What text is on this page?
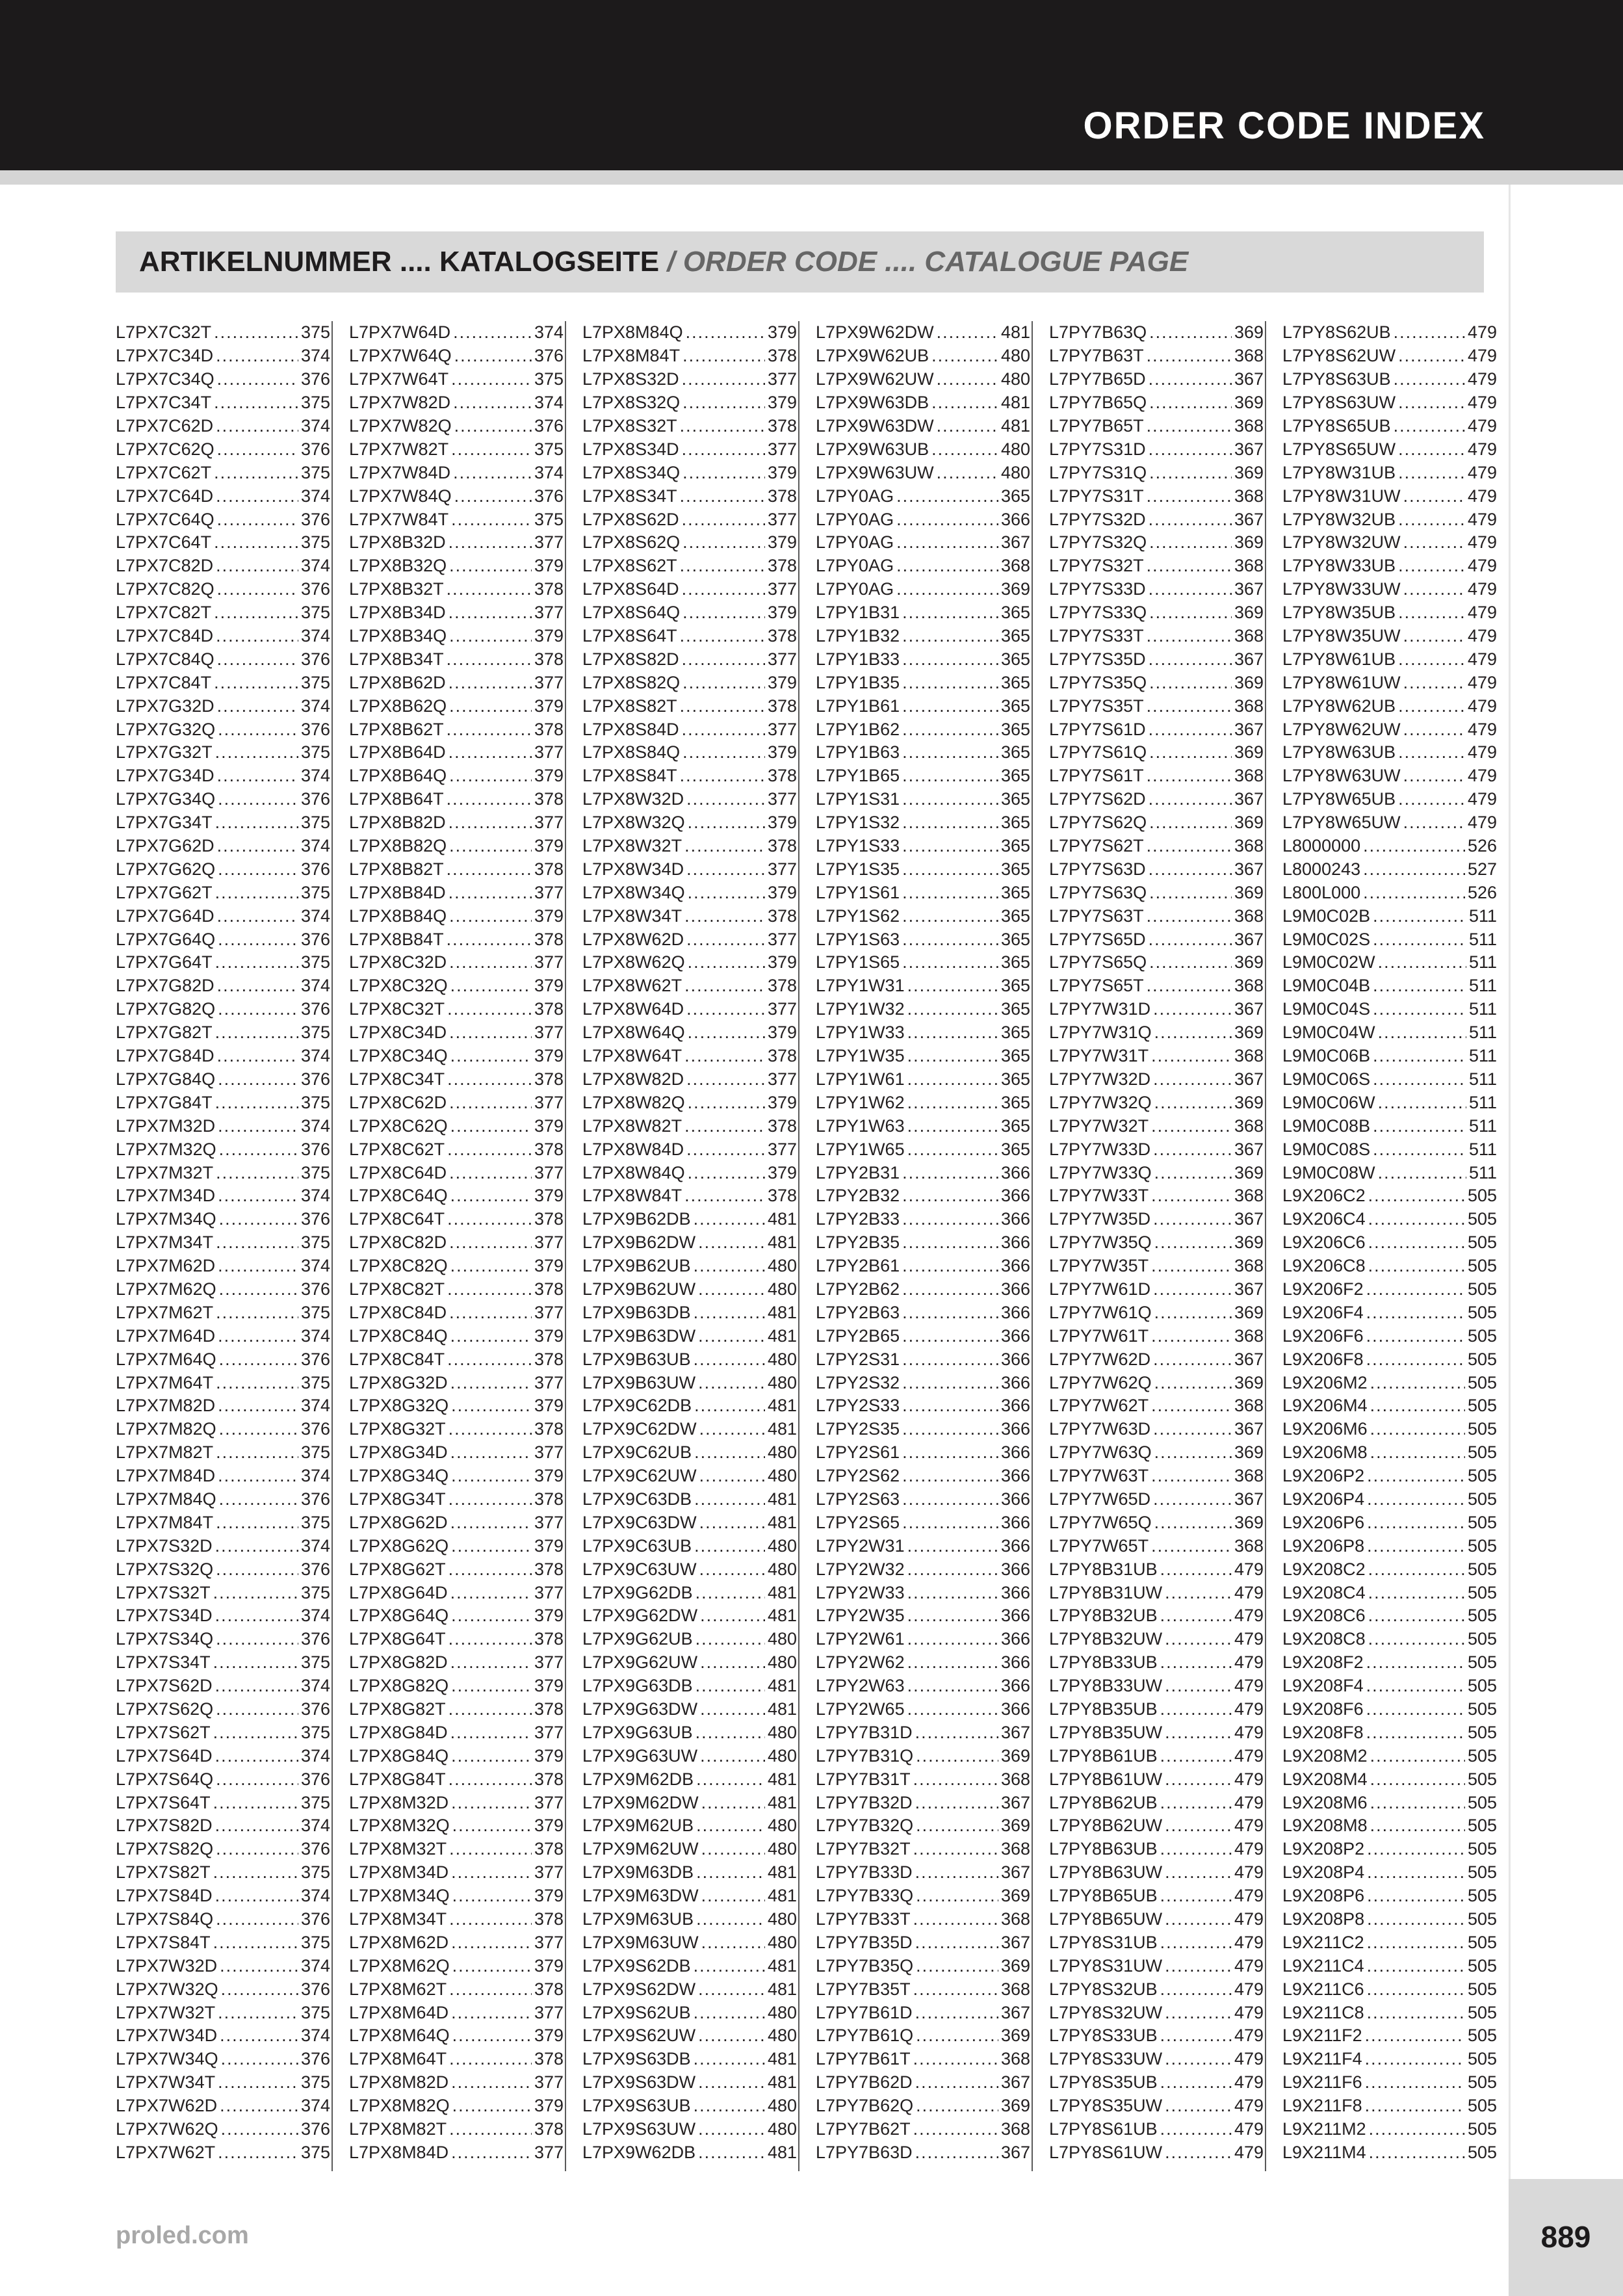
ORDER CODE INDEX
ARTIKELNUMMER .... KATALOGSEITE / ORDER CODE .... CATALOGUE PAGE
L7PX7C32T .....	375
L7PX7C34D .....	374
L7PX7C34Q .....	376
L7PX7C34T .....	375
L7PX7C62D .....	374
L7PX7C62Q .....	376
L7PX7C62T .....	375
L7PX7C64D .....	374
L7PX7C64Q .....	376
L7PX7C64T .....	375
L7PX7C82D .....	374
L7PX7C82Q .....	376
L7PX7C82T .....	375
L7PX7C84D .....	374
L7PX7C84Q .....	376
L7PX7C84T .....	375
L7PX7G32D .....	374
L7PX7G32Q .....	376
L7PX7G32T .....	375
L7PX7G34D .....	374
L7PX7G34Q .....	376
L7PX7G34T .....	375
L7PX7G62D .....	374
L7PX7G62Q .....	376
L7PX7G62T .....	375
L7PX7G64D .....	374
L7PX7G64Q .....	376
L7PX7G64T .....	375
L7PX7G82D .....	374
L7PX7G82Q .....	376
L7PX7G82T .....	375
L7PX7G84D .....	374
L7PX7G84Q .....	376
L7PX7G84T .....	375
L7PX7M32D .....	374
L7PX7M32Q .....	376
L7PX7M32T .....	375
L7PX7M34D .....	374
L7PX7M34Q .....	376
L7PX7M34T .....	375
L7PX7M62D .....	374
L7PX7M62Q .....	376
L7PX7M62T .....	375
L7PX7M64D .....	374
L7PX7M64Q .....	376
L7PX7M64T .....	375
L7PX7M82D .....	374
L7PX7M82Q .....	376
L7PX7M82T .....	375
L7PX7M84D .....	374
L7PX7M84Q .....	376
L7PX7M84T .....	375
L7PX7S32D .....	374
L7PX7S32Q .....	376
L7PX7S32T .....	375
L7PX7S34D .....	374
L7PX7S34Q .....	376
L7PX7S34T .....	375
L7PX7S62D .....	374
L7PX7S62Q .....	376
L7PX7S62T .....	375
L7PX7S64D .....	374
L7PX7S64Q .....	376
L7PX7S64T .....	375
L7PX7S82D .....	374
L7PX7S82Q .....	376
L7PX7S82T .....	375
L7PX7S84D .....	374
L7PX7S84Q .....	376
L7PX7S84T .....	375
L7PX7W32D .....	374
L7PX7W32Q .....	376
L7PX7W32T .....	375
L7PX7W34D .....	374
L7PX7W34Q .....	376
L7PX7W34T .....	375
L7PX7W62D .....	374
L7PX7W62Q .....	376
L7PX7W62T .....	375
L7PX7W64D .....	374
L7PX7W64Q .....	376
L7PX7W64T .....	375
L7PX7W82D .....	374
L7PX7W82Q .....	376
L7PX7W82T .....	375
L7PX7W84D .....	374
L7PX7W84Q .....	376
L7PX7W84T .....	375
L7PX8B32D .....	377
L7PX8B32Q .....	379
L7PX8B32T .....	378
L7PX8B34D .....	377
L7PX8B34Q .....	379
L7PX8B34T .....	378
L7PX8B62D .....	377
L7PX8B62Q .....	379
L7PX8B62T .....	378
L7PX8B64D .....	377
L7PX8B64Q .....	379
L7PX8B64T .....	378
L7PX8B82D .....	377
L7PX8B82Q .....	379
L7PX8B82T .....	378
L7PX8B84D .....	377
L7PX8B84Q .....	379
L7PX8B84T .....	378
L7PX8C32D .....	377
L7PX8C32Q .....	379
L7PX8C32T .....	378
L7PX8C34D .....	377
L7PX8C34Q .....	379
L7PX8C34T .....	378
L7PX8C62D .....	377
L7PX8C62Q .....	379
L7PX8C62T .....	378
L7PX8C64D .....	377
L7PX8C64Q .....	379
L7PX8C64T .....	378
L7PX8C82D .....	377
L7PX8C82Q .....	379
L7PX8C82T .....	378
L7PX8C84D .....	377
L7PX8C84Q .....	379
L7PX8C84T .....	378
L7PX8G32D .....	377
L7PX8G32Q .....	379
L7PX8G32T .....	378
L7PX8G34D .....	377
L7PX8G34Q .....	379
L7PX8G34T .....	378
L7PX8G62D .....	377
L7PX8G62Q .....	379
L7PX8G62T .....	378
L7PX8G64D .....	377
L7PX8G64Q .....	379
L7PX8G64T .....	378
L7PX8G82D .....	377
L7PX8G82Q .....	379
L7PX8G82T .....	378
L7PX8G84D .....	377
L7PX8G84Q .....	379
L7PX8G84T .....	378
L7PX8M32D .....	377
L7PX8M32Q .....	379
L7PX8M32T .....	378
L7PX8M34D .....	377
L7PX8M34Q .....	379
L7PX8M34T .....	378
L7PX8M62D .....	377
L7PX8M62Q .....	379
L7PX8M62T .....	378
L7PX8M64D .....	377
L7PX8M64Q .....	379
L7PX8M64T .....	378
L7PX8M82D .....	377
L7PX8M82Q .....	379
L7PX8M82T .....	378
L7PX8M84D .....	377
L7PX8M84Q .....	379
L7PX8M84T .....	378
L7PX8S32D .....	377
L7PX8S32Q .....	379
L7PX8S32T .....	378
L7PX8S34D .....	377
L7PX8S34Q .....	379
L7PX8S34T .....	378
L7PX8S62D .....	377
L7PX8S62Q .....	379
L7PX8S62T .....	378
L7PX8S64D .....	377
L7PX8S64Q .....	379
L7PX8S64T .....	378
L7PX8S82D .....	377
L7PX8S82Q .....	379
L7PX8S82T .....	378
L7PX8S84D .....	377
L7PX8S84Q .....	379
L7PX8S84T .....	378
L7PX8W32D .....	377
L7PX8W32Q .....	379
L7PX8W32T .....	378
L7PX8W34D .....	377
L7PX8W34Q .....	379
L7PX8W34T .....	378
L7PX8W62D .....	377
L7PX8W62Q .....	379
L7PX8W62T .....	378
L7PX8W64D .....	377
L7PX8W64Q .....	379
L7PX8W64T .....	378
L7PX8W82D .....	377
L7PX8W82Q .....	379
L7PX8W82T .....	378
L7PX8W84D .....	377
L7PX8W84Q .....	379
L7PX8W84T .....	378
L7PX9B62DB .....	481
L7PX9B62DW .....	481
L7PX9B62UB .....	480
L7PX9B62UW .....	480
L7PX9B63DB .....	481
L7PX9B63DW .....	481
L7PX9B63UB .....	480
L7PX9B63UW .....	480
L7PX9C62DB .....	481
L7PX9C62DW .....	481
L7PX9C62UB .....	480
L7PX9C62UW .....	480
L7PX9C63DB .....	481
L7PX9C63DW .....	481
L7PX9C63UB .....	480
L7PX9C63UW .....	480
L7PX9G62DB .....	481
L7PX9G62DW .....	481
L7PX9G62UB .....	480
L7PX9G62UW .....	480
L7PX9G63DB .....	481
L7PX9G63DW .....	481
L7PX9G63UB .....	480
L7PX9G63UW .....	480
L7PX9M62DB .....	481
L7PX9M62DW .....	481
L7PX9M62UB .....	480
L7PX9M62UW .....	480
L7PX9M63DB .....	481
L7PX9M63DW .....	481
L7PX9M63UB .....	480
L7PX9M63UW .....	480
L7PX9S62DB .....	481
L7PX9S62DW .....	481
L7PX9S62UB .....	480
L7PX9S62UW .....	480
L7PX9S63DB .....	481
L7PX9S63DW .....	481
L7PX9S63UB .....	480
L7PX9S63UW .....	480
L7PX9W62DB .....	481
L7PX9W62DW .....	481
L7PX9W62UB .....	480
L7PX9W62UW .....	480
L7PX9W63DB .....	481
L7PX9W63DW .....	481
L7PX9W63UB .....	480
L7PX9W63UW .....	480
L7PY0AG .....	365
L7PY0AG .....	366
L7PY0AG .....	367
L7PY0AG .....	368
L7PY0AG .....	369
L7PY1B31 .....	365
L7PY1B32 .....	365
L7PY1B33 .....	365
L7PY1B35 .....	365
L7PY1B61 .....	365
L7PY1B62 .....	365
L7PY1B63 .....	365
L7PY1B65 .....	365
L7PY1S31 .....	365
L7PY1S32 .....	365
L7PY1S33 .....	365
L7PY1S35 .....	365
L7PY1S61 .....	365
L7PY1S62 .....	365
L7PY1S63 .....	365
L7PY1S65 .....	365
L7PY1W31 .....	365
L7PY1W32 .....	365
L7PY1W33 .....	365
L7PY1W35 .....	365
L7PY1W61 .....	365
L7PY1W62 .....	365
L7PY1W63 .....	365
L7PY1W65 .....	365
L7PY2B31 .....	366
L7PY2B32 .....	366
L7PY2B33 .....	366
L7PY2B35 .....	366
L7PY2B61 .....	366
L7PY2B62 .....	366
L7PY2B63 .....	366
L7PY2B65 .....	366
L7PY2S31 .....	366
L7PY2S32 .....	366
L7PY2S33 .....	366
L7PY2S35 .....	366
L7PY2S61 .....	366
L7PY2S62 .....	366
L7PY2S63 .....	366
L7PY2S65 .....	366
L7PY2W31 .....	366
L7PY2W32 .....	366
L7PY2W33 .....	366
L7PY2W35 .....	366
L7PY2W61 .....	366
L7PY2W62 .....	366
L7PY2W63 .....	366
L7PY2W65 .....	366
L7PY7B31D .....	367
L7PY7B31Q .....	369
L7PY7B31T .....	368
L7PY7B32D .....	367
L7PY7B32Q .....	369
L7PY7B32T .....	368
L7PY7B33D .....	367
L7PY7B33Q .....	369
L7PY7B33T .....	368
L7PY7B35D .....	367
L7PY7B35Q .....	369
L7PY7B35T .....	368
L7PY7B61D .....	367
L7PY7B61Q .....	369
L7PY7B61T .....	368
L7PY7B62D .....	367
L7PY7B62Q .....	369
L7PY7B62T .....	368
L7PY7B63D .....	367
L7PY7B63Q .....	369
L7PY7B63T .....	368
L7PY7B65D .....	367
L7PY7B65Q .....	369
L7PY7B65T .....	368
L7PY7S31D .....	367
L7PY7S31Q .....	369
L7PY7S31T .....	368
L7PY7S32D .....	367
L7PY7S32Q .....	369
L7PY7S32T .....	368
L7PY7S33D .....	367
L7PY7S33Q .....	369
L7PY7S33T .....	368
L7PY7S35D .....	367
L7PY7S35Q .....	369
L7PY7S35T .....	368
L7PY7S61D .....	367
L7PY7S61Q .....	369
L7PY7S61T .....	368
L7PY7S62D .....	367
L7PY7S62Q .....	369
L7PY7S62T .....	368
L7PY7S63D .....	367
L7PY7S63Q .....	369
L7PY7S63T .....	368
L7PY7S65D .....	367
L7PY7S65Q .....	369
L7PY7S65T .....	368
L7PY7W31D .....	367
L7PY7W31Q .....	369
L7PY7W31T .....	368
L7PY7W32D .....	367
L7PY7W32Q .....	369
L7PY7W32T .....	368
L7PY7W33D .....	367
L7PY7W33Q .....	369
L7PY7W33T .....	368
L7PY7W35D .....	367
L7PY7W35Q .....	369
L7PY7W35T .....	368
L7PY7W61D .....	367
L7PY7W61Q .....	369
L7PY7W61T .....	368
L7PY7W62D .....	367
L7PY7W62Q .....	369
L7PY7W62T .....	368
L7PY7W63D .....	367
L7PY7W63Q .....	369
L7PY7W63T .....	368
L7PY7W65D .....	367
L7PY7W65Q .....	369
L7PY7W65T .....	368
L7PY8B31UB .....	479
L7PY8B31UW .....	479
L7PY8B32UB .....	479
L7PY8B32UW .....	479
L7PY8B33UB .....	479
L7PY8B33UW .....	479
L7PY8B35UB .....	479
L7PY8B35UW .....	479
L7PY8B61UB .....	479
L7PY8B61UW .....	479
L7PY8B62UB .....	479
L7PY8B62UW .....	479
L7PY8B63UB .....	479
L7PY8B63UW .....	479
L7PY8B65UB .....	479
L7PY8B65UW .....	479
L7PY8S31UB .....	479
L7PY8S31UW .....	479
L7PY8S32UB .....	479
L7PY8S32UW .....	479
L7PY8S33UB .....	479
L7PY8S33UW .....	479
L7PY8S35UB .....	479
L7PY8S35UW .....	479
L7PY8S61UB .....	479
L7PY8S61UW .....	479
L7PY8S62UB .....	479
L7PY8S62UW .....	479
L7PY8S63UB .....	479
L7PY8S63UW .....	479
L7PY8S65UB .....	479
L7PY8S65UW .....	479
L7PY8W31UB .....	479
L7PY8W31UW .....	479
L7PY8W32UB .....	479
L7PY8W32UW .....	479
L7PY8W33UB .....	479
L7PY8W33UW .....	479
L7PY8W35UB .....	479
L7PY8W35UW .....	479
L7PY8W61UB .....	479
L7PY8W61UW .....	479
L7PY8W62UB .....	479
L7PY8W62UW .....	479
L7PY8W63UB .....	479
L7PY8W63UW .....	479
L7PY8W65UB .....	479
L7PY8W65UW .....	479
L8000000 .....	526
L8000243 .....	527
L800L000 .....	526
L9M0C02B .....	511
L9M0C02S .....	511
L9M0C02W .....	511
L9M0C04B .....	511
L9M0C04S .....	511
L9M0C04W .....	511
L9M0C06B .....	511
L9M0C06S .....	511
L9M0C06W .....	511
L9M0C08B .....	511
L9M0C08S .....	511
L9M0C08W .....	511
L9X206C2 .....	505
L9X206C4 .....	505
L9X206C6 .....	505
L9X206C8 .....	505
L9X206F2 .....	505
L9X206F4 .....	505
L9X206F6 .....	505
L9X206F8 .....	505
L9X206M2 .....	505
L9X206M4 .....	505
L9X206M6 .....	505
L9X206M8 .....	505
L9X206P2 .....	505
L9X206P4 .....	505
L9X206P6 .....	505
L9X206P8 .....	505
L9X208C2 .....	505
L9X208C4 .....	505
L9X208C6 .....	505
L9X208C8 .....	505
L9X208F2 .....	505
L9X208F4 .....	505
L9X208F6 .....	505
L9X208F8 .....	505
L9X208M2 .....	505
L9X208M4 .....	505
L9X208M6 .....	505
L9X208M8 .....	505
L9X208P2 .....	505
L9X208P4 .....	505
L9X208P6 .....	505
L9X208P8 .....	505
L9X211C2 .....	505
L9X211C4 .....	505
L9X211C6 .....	505
L9X211C8 .....	505
L9X211F2 .....	505
L9X211F4 .....	505
L9X211F6 .....	505
L9X211F8 .....	505
L9X211M2 .....	505
L9X211M4 .....	505
proled.com	889
